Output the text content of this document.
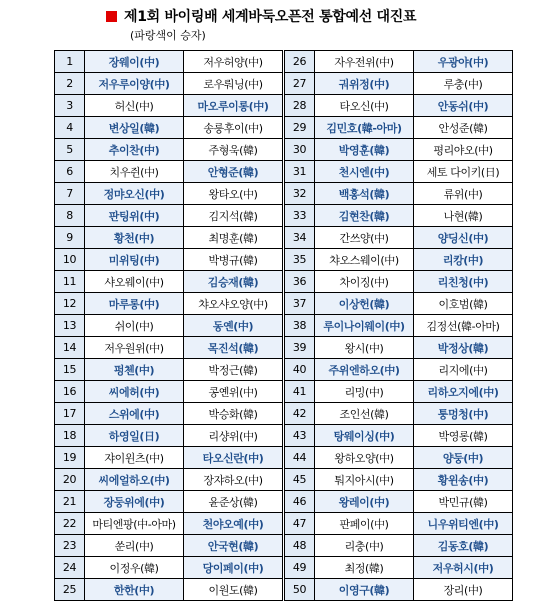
제1회 바이링배 세계바둑오픈전 통합예선 대진표
(파랑색이 승자)
1	장웨이(中)	저우허양(中)		26	자우전위(中)	우광야(中)
2	저우루이양(中)	로우뤄닝(中)		27	궈위정(中)	루충(中)
3	허신(中)	마오루이롱(中)		28	타오신(中)	안동쉬(中)
4	변상일(韓)	송룽후이(中)		29	김민호(韓-아마)	안성준(韓)
5	추이찬(中)	주형욱(韓)		30	박영훈(韓)	평리야오(中)
6	치우쥔(中)	안형준(韓)		31	천시엔(中)	세토 다이키(日)
7	정먀오신(中)	왕타오(中)		32	백홍석(韓)	류위(中)
8	판팅위(中)	김지석(韓)		33	김현찬(韓)	나현(韓)
9	황천(中)	최명훈(韓)		34	간쓰양(中)	양딩신(中)
10	미위팅(中)	박병규(韓)		35	챠오스웨이(中)	리캉(中)
11	샤오웨이(中)	김승재(韓)		36	차이징(中)	리친청(中)
12	마루롱(中)	챠오샤오양(中)		37	이상헌(韓)	이호범(韓)
13	쉬이(中)	동옌(中)		38	루이나이웨이(中)	김정선(韓-아마)
14	저우원위(中)	목진석(韓)		39	왕시(中)	박정상(韓)
15	펑첸(中)	박정근(韓)		40	주위엔하오(中)	리지에(中)
16	씨에허(中)	콩옌위(中)		41	리밍(中)	리하오지에(中)
17	스위에(中)	박승화(韓)		42	조인선(韓)	퉁멍청(中)
18	하영일(日)	리샹위(中)		43	탕웨이싱(中)	박영롱(韓)
19	쟈이윈츠(中)	타오신란(中)		44	왕하오양(中)	양둥(中)
20	씨에얼하오(中)	장쟈하오(中)		45	퉈지아시(中)	황윈송(中)
21	장둥위에(中)	윤준상(韓)		46	왕레이(中)	박민규(韓)
22	마티엔팡(中-아마)	천야오예(中)		47	판페이(中)	니우위티엔(中)
23	쑨리(中)	안국현(韓)		48	리충(中)	김동호(韓)
24	이정우(韓)	당이페이(中)		49	최정(韓)	저우허시(中)
25	한한(中)	이원도(韓)		50	이영구(韓)	장리(中)
